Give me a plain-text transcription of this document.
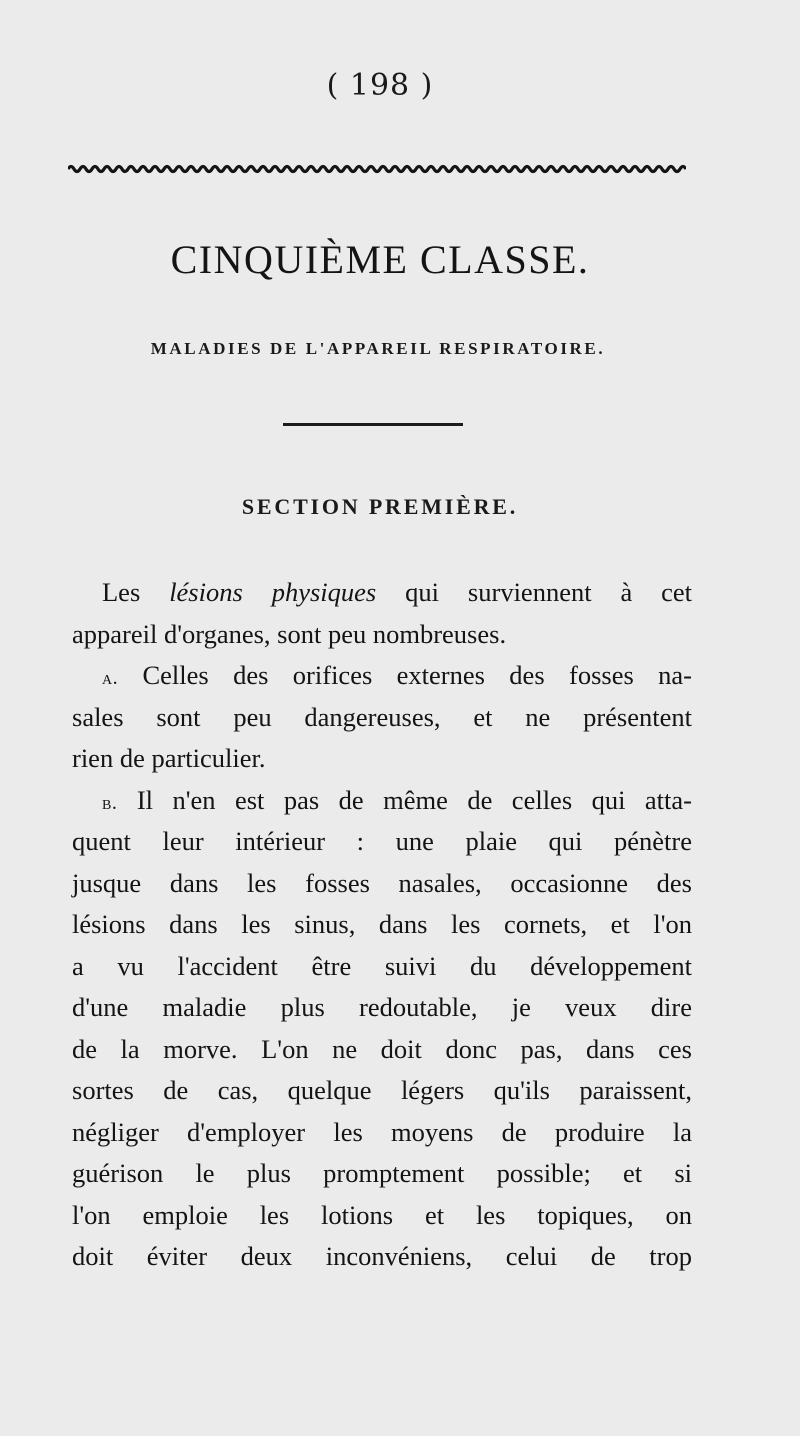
( 198 )
CINQUIÈME CLASSE.
MALADIES DE L'APPAREIL RESPIRATOIRE.
SECTION PREMIÈRE.
Les lésions physiques qui surviennent à cet
appareil d'organes, sont peu nombreuses.
a. Celles des orifices externes des fosses na-
sales sont peu dangereuses, et ne présentent
rien de particulier.
b. Il n'en est pas de même de celles qui atta-
quent leur intérieur : une plaie qui pénètre
jusque dans les fosses nasales, occasionne des
lésions dans les sinus, dans les cornets, et l'on
a vu l'accident être suivi du développement
d'une maladie plus redoutable, je veux dire
de la morve. L'on ne doit donc pas, dans ces
sortes de cas, quelque légers qu'ils paraissent,
négliger d'employer les moyens de produire la
guérison le plus promptement possible; et si
l'on emploie les lotions et les topiques, on
doit éviter deux inconvéniens, celui de trop
